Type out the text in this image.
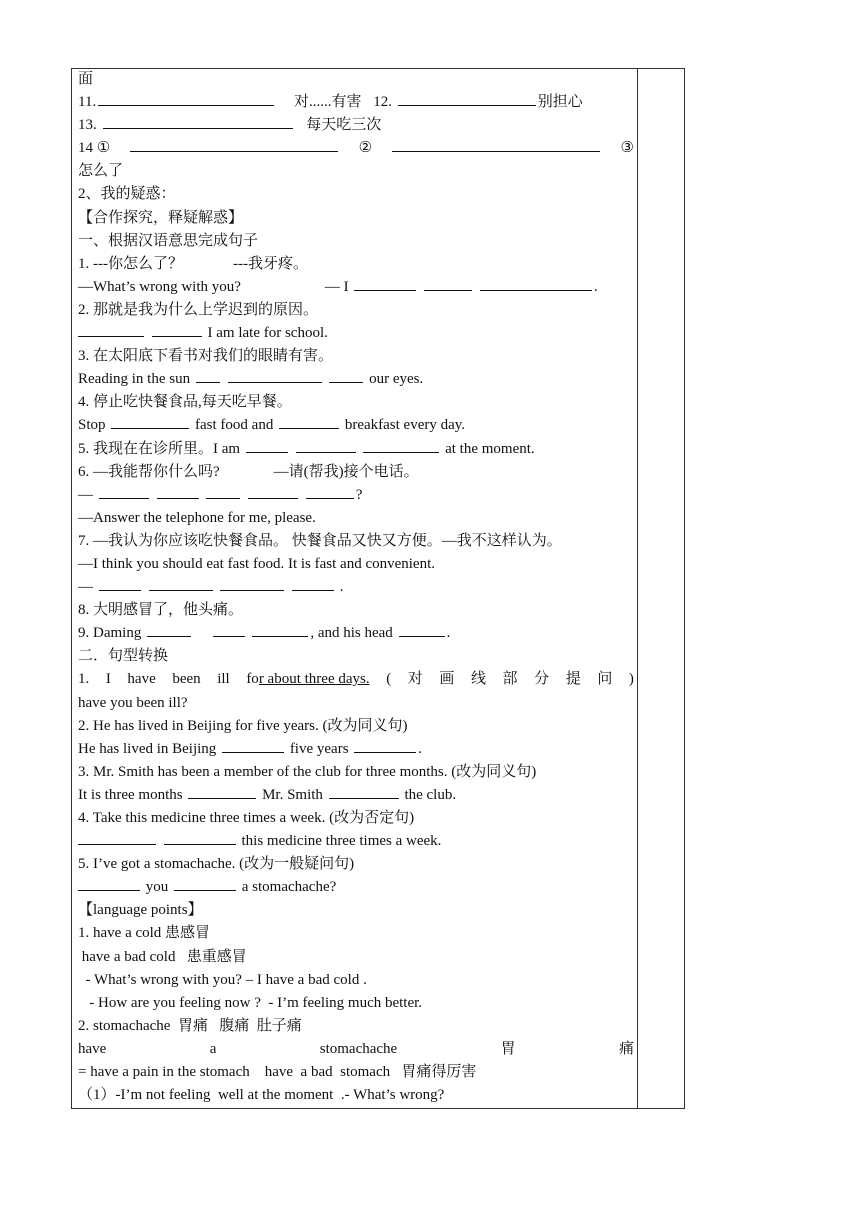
面
11.	对......有害 12.	别担心
13.	每天吃三次
14 ①	②	③
怎么了
2、我的疑惑：
【合作探究，释疑解惑】
一、根据汉语意思完成句子
1. ---你怎么了？	---我牙疼。
—What’s wrong with you?	— I	.
2. 那就是我为什么上学迟到的原因。
I am late for school.
3. 在太阳底下看书对我们的眼睛有害。
Reading in the sun	our eyes.
4. 停止吃快餐食品,每天吃早餐。
Stop	fast food and	breakfast every day.
5. 我现在在诊所里。I am	at the moment.
6. —我能帮你什么吗?	—请(帮我)接个电话。
—	?
—Answer the telephone for me, please.
7. —我认为你应该吃快餐食品。 快餐食品又快又方便。—我不这样认为。
—I think you should eat fast food. It is fast and convenient.
—	.
8. 大明感冒了，他头痛。
9. Daming	, and his head	.
二．句型转换
1. I have been ill for about three days. ( 对 画 线 部 分 提 问 )
have you been ill?
2. He has lived in Beijing for five years. (改为同义句)
He has lived in Beijing	five years	.
3. Mr. Smith has been a member of the club for three months. (改为同义句)
It is three months	Mr. Smith	the club.
4. Take this medicine three times a week. (改为否定句)
this medicine three times a week.
5. I’ve got a stomachache. (改为一般疑问句)
you	a stomachache?
【language points】
1. have a cold 患感冒
have a bad cold   患重感冒
- What’s wrong with you? – I have a bad cold .
- How are you feeling now ?  - I’m feeling much better.
2. stomachache  胃痛   腹痛  肚子痛
have	a	stomachache	胃	痛
= have a pain in the stomach    have  a bad  stomach   胃痛得厉害
（1）-I’m not feeling  well at the moment  .- What’s wrong?
